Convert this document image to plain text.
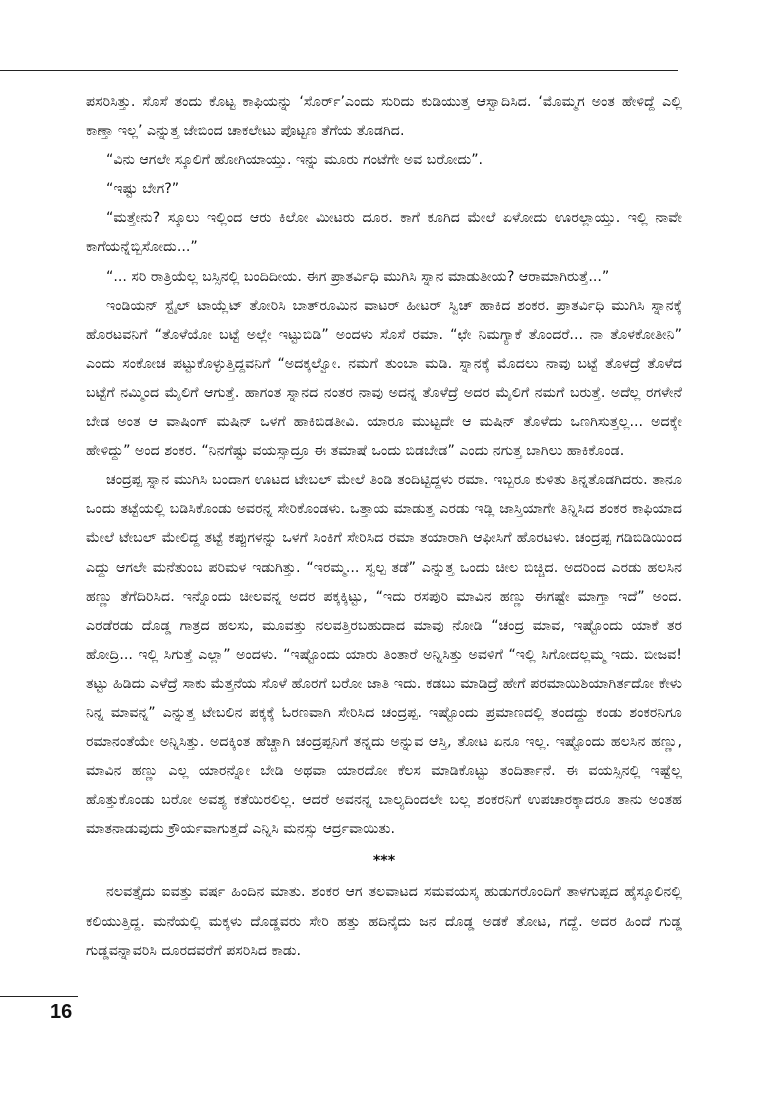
ಪಸರಿಸಿತ್ತು. ಸೊಸೆ ತಂದು ಕೊಟ್ಟ ಕಾಫಿಯನ್ನು ‘ಸೊರ್ರ್’ಎಂದು ಸುರಿದು ಕುಡಿಯುತ್ತ ಆಸ್ವಾದಿಸಿದ. ‘ಮೊಮ್ಮಗ ಅಂತ ಹೇಳಿದ್ದೆ ಎಲ್ಲಿ ಕಾಣ್ತಾ ಇಲ್ಲ’ ಎನ್ನುತ್ತ ಜೇಬಿಂದ ಚಾಕಲೇಟು ಪೊಟ್ಟಣ ತೆಗೆಯ ತೊಡಗಿದ.

“ವಿನು ಆಗಲೇ ಸ್ಕೂಲಿಗೆ ಹೋಗಿಯಾಯ್ತು. ಇನ್ನು ಮೂರು ಗಂಟೆಗೇ ಅವ ಬರೋದು”.

“ಇಷ್ಟು ಬೇಗ?”

“ಮತ್ತೇನು? ಸ್ಕೂಲು ಇಲ್ಲಿಂದ ಆರು ಕಿಲೋ ಮೀಟರು ದೂರ. ಕಾಗೆ ಕೂಗಿದ ಮೇಲೆ ಏಳೋದು ಊರಲ್ಲಾಯ್ತು. ಇಲ್ಲಿ ನಾವೇ ಕಾಗೆಯನ್ನೆಬ್ಬಿಸೋದು...”

“... ಸರಿ ರಾತ್ರಿಯೆಲ್ಲ ಬಸ್ಸಿನಲ್ಲಿ ಬಂದಿದೀಯ. ಈಗ ಪ್ರಾತರ್ವಿಧಿ ಮುಗಿಸಿ ಸ್ನಾನ ಮಾಡುತೀಯ? ಆರಾಮಾಗಿರುತ್ತೆ...”

ಇಂಡಿಯನ್ ಸ್ಟೈಲ್ ಟಾಯ್ಲೆಟ್ ತೋರಿಸಿ ಬಾತ್‌ರೂಮಿನ ವಾಟರ್ ಹೀಟರ್ ಸ್ವಿಚ್ ಹಾಕಿದ ಶಂಕರ. ಪ್ರಾತರ್ವಿಧಿ ಮುಗಿಸಿ ಸ್ನಾನಕ್ಕೆ ಹೊರಟವನಿಗೆ “ತೊಳೆಯೋ ಬಟ್ಟೆ ಅಲ್ಲೇ ಇಟ್ಟುಬಿಡಿ” ಅಂದಳು ಸೊಸೆ ರಮಾ. “ಛೇ ನಿಮಗ್ಯಾಕೆ ತೊಂದರೆ... ನಾ ತೊಳಕೋತೀನಿ” ಎಂದು ಸಂಕೋಚ ಪಟ್ಟುಕೊಳ್ಳುತ್ತಿದ್ದವನಿಗೆ “ಅದಕ್ಕಲ್ವೋ. ನಮಗೆ ತುಂಬಾ ಮಡಿ. ಸ್ನಾನಕ್ಕೆ ಮೊದಲು ನಾವು ಬಟ್ಟೆ ತೊಳದ್ರೆ ತೊಳೆದ ಬಟ್ಟೆಗೆ ನಮ್ಮಿಂದ ಮೈಲಿಗೆ ಆಗುತ್ತೆ. ಹಾಗಂತ ಸ್ನಾನದ ನಂತರ ನಾವು ಅದನ್ನ ತೊಳೆದ್ರೆ ಅದರ ಮೈಲಿಗೆ ನಮಗೆ ಬರುತ್ತೆ. ಅದೆಲ್ಲ ರಗಳೇನೆ ಬೇಡ ಅಂತ ಆ ವಾಷಿಂಗ್ ಮಷಿನ್ ಒಳಗೆ ಹಾಕಿಬಿಡತೀವಿ. ಯಾರೂ ಮುಟ್ಟದೇ ಆ ಮಷಿನ್ ತೊಳೆದು ಒಣಗಿಸುತ್ತಲ್ಲ... ಅದಕ್ಕೇ ಹೇಳಿದ್ದು” ಅಂದ ಶಂಕರ. “ನಿನಗೆಷ್ಟು ವಯಸ್ಸಾದ್ರೂ ಈ ತಮಾಷೆ ಒಂದು ಬಿಡಬೇಡ” ಎಂದು ನಗುತ್ತ ಬಾಗಿಲು ಹಾಕಿಕೊಂಡ.

ಚಂದ್ರಪ್ಪ ಸ್ನಾನ ಮುಗಿಸಿ ಬಂದಾಗ ಊಟದ ಟೇಬಲ್ ಮೇಲೆ ತಿಂಡಿ ತಂದಿಟ್ಟಿದ್ದಳು ರಮಾ. ಇಬ್ಬರೂ ಕುಳಿತು ತಿನ್ನತೊಡಗಿದರು. ತಾನೂ ಒಂದು ತಟ್ಟೆಯಲ್ಲಿ ಬಡಿಸಿಕೊಂಡು ಅವರನ್ನ ಸೇರಿಕೊಂಡಳು. ಒತ್ತಾಯ ಮಾಡುತ್ತ ಎರಡು ಇಡ್ಲಿ ಜಾಸ್ತಿಯಾಗೇ ತಿನ್ನಿಸಿದ ಶಂಕರ ಕಾಫಿಯಾದ ಮೇಲೆ ಟೇಬಲ್ ಮೇಲಿದ್ದ ತಟ್ಟೆ ಕಪ್ಪುಗಳನ್ನು ಒಳಗೆ ಸಿಂಕಿಗೆ ಸೇರಿಸಿದ ರಮಾ ತಯಾರಾಗಿ ಆಫೀಸಿಗೆ ಹೊರಟಳು. ಚಂದ್ರಪ್ಪ ಗಡಿಬಿಡಿಯಿಂದ ಎದ್ದು ಆಗಲೇ ಮನೆತುಂಬ ಪರಿಮಳ ಇಡುಗಿತ್ತು. “ಇರಮ್ಮ... ಸ್ವಲ್ಪ ತಡೆ” ಎನ್ನುತ್ತ ಒಂದು ಚೀಲ ಬಿಚ್ಚಿದ. ಅದರಿಂದ ಎರಡು ಹಲಸಿನ ಹಣ್ಣು ತೆಗೆದಿರಿಸಿದ. ಇನ್ನೊಂದು ಚೀಲವನ್ನ ಅದರ ಪಕ್ಕಕ್ಕಿಟ್ಟು, “ಇದು ರಸಪುರಿ ಮಾವಿನ ಹಣ್ಣು ಈಗಷ್ಟೇ ಮಾಗ್ತಾ ಇದೆ” ಅಂದ. ಎರಡೆರಡು ದೊಡ್ಡ ಗಾತ್ರದ ಹಲಸು, ಮೂವತ್ತು ನಲವತ್ತಿರಬಹುದಾದ ಮಾವು ನೋಡಿ “ಚಂದ್ರ ಮಾವ, ಇಷ್ಟೊಂದು ಯಾಕೆ ತರ ಹೋದ್ರಿ... ಇಲ್ಲಿ ಸಿಗುತ್ತೆ ಎಲ್ಲಾ” ಅಂದಳು. “ಇಷ್ಟೊಂದು ಯಾರು ತಿಂತಾರೆ ಅನ್ನಿಸಿತ್ತು ಅವಳಿಗೆ “ಇಲ್ಲಿ ಸಿಗೋದಲ್ಲಮ್ಮ ಇದು. ಬೀಜವ! ತಟ್ಟು ಹಿಡಿದು ಎಳೆದ್ರೆ ಸಾಕು ಮೆತ್ತನೆಯ ಸೊಳೆ ಹೊರಗೆ ಬರೋ ಜಾತಿ ಇದು. ಕಡಬು ಮಾಡಿದ್ರೆ ಹೇಗೆ ಪರಮಾಯಿಶಿಯಾಗಿರ್ತದೋ ಕೇಳು ನಿನ್ನ ಮಾವನ್ನ” ಎನ್ನುತ್ತ ಟೇಬಲಿನ ಪಕ್ಕಕ್ಕೆ ಓರಣವಾಗಿ ಸೇರಿಸಿದ ಚಂದ್ರಪ್ಪ. ಇಷ್ಟೊಂದು ಪ್ರಮಾಣದಲ್ಲಿ ತಂದದ್ದು ಕಂಡು ಶಂಕರನಿಗೂ ರಮಾನಂತೆಯೇ ಅನ್ನಿಸಿತ್ತು. ಅದಕ್ಕಿಂತ ಹೆಚ್ಚಾಗಿ ಚಂದ್ರಪ್ಪನಿಗೆ ತನ್ನದು ಅನ್ನುವ ಆಸ್ತಿ, ತೋಟ ಏನೂ ಇಲ್ಲ. ಇಷ್ಟೊಂದು ಹಲಸಿನ ಹಣ್ಣು, ಮಾವಿನ ಹಣ್ಣು ಎಲ್ಲ ಯಾರನ್ನೋ ಬೇಡಿ ಅಥವಾ ಯಾರದೋ ಕೆಲಸ ಮಾಡಿಕೊಟ್ಟು ತಂದಿರ್ತಾನೆ. ಈ ವಯಸ್ಸಿನಲ್ಲಿ ಇಷ್ಟೆಲ್ಲ ಹೊತ್ತುಕೊಂಡು ಬರೋ ಅವಶ್ಯ ಕತೆಯಿರಲಿಲ್ಲ. ಆದರೆ ಅವನನ್ನ ಬಾಲ್ಯದಿಂದಲೇ ಬಲ್ಲ ಶಂಕರನಿಗೆ ಉಪಚಾರಕ್ಕಾದರೂ ತಾನು ಅಂತಹ ಮಾತನಾಡುವುದು ಕ್ರೌರ್ಯವಾಗುತ್ತದೆ ಎನ್ನಿಸಿ ಮನಸ್ಸು ಆರ್ದ್ರವಾಯಿತು.

***

ನಲವತ್ತೈದು ಐವತ್ತು ವರ್ಷ ಹಿಂದಿನ ಮಾತು. ಶಂಕರ ಆಗ ತಲವಾಟದ ಸಮವಯಸ್ಕ ಹುಡುಗರೊಂದಿಗೆ ತಾಳಗುಪ್ಪದ ಹೈಸ್ಕೂಲಿನಲ್ಲಿ ಕಲಿಯುತ್ತಿದ್ದ. ಮನೆಯಲ್ಲಿ ಮಕ್ಕಳು ದೊಡ್ಡವರು ಸೇರಿ ಹತ್ತು ಹದಿನೈದು ಜನ ದೊಡ್ಡ ಅಡಕೆ ತೋಟ, ಗದ್ದೆ. ಅದರ ಹಿಂದೆ ಗುಡ್ಡ ಗುಡ್ಡವನ್ನಾವರಿಸಿ ದೂರದವರೆಗೆ ಪಸರಿಸಿದ ಕಾಡು.

16
